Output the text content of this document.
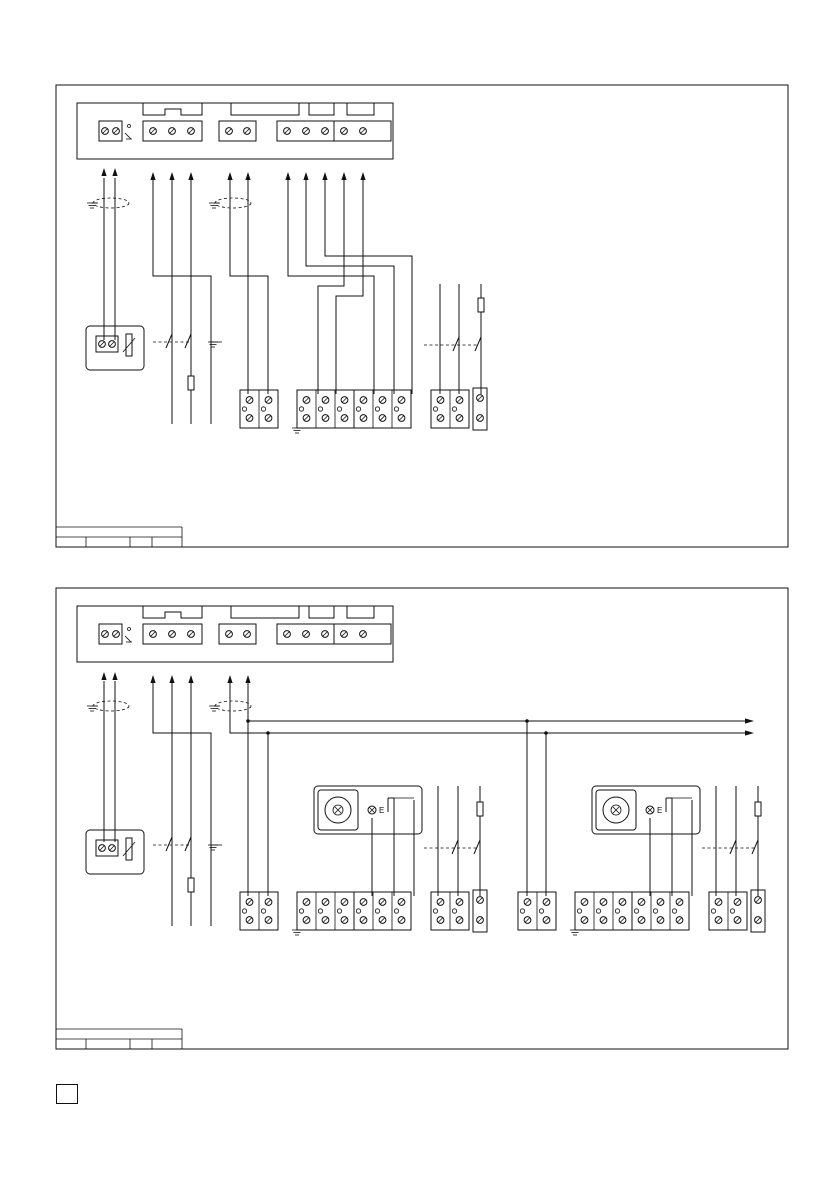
E	E
